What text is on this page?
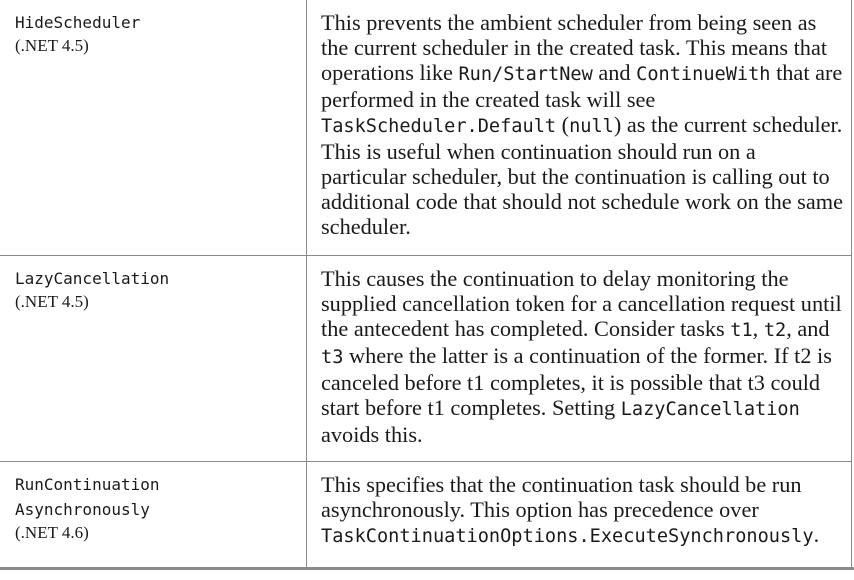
HideScheduler
(.NET 4.5)	This prevents the ambient scheduler from being seen as the current scheduler in the created task. This means that operations like Run/StartNew and ContinueWith that are performed in the created task will see TaskScheduler.Default (null) as the current scheduler. This is useful when continuation should run on a particular scheduler, but the continuation is calling out to additional code that should not schedule work on the same scheduler.

LazyCancellation
(.NET 4.5)	This causes the continuation to delay monitoring the supplied cancellation token for a cancellation request until the antecedent has completed. Consider tasks t1, t2, and t3 where the latter is a continuation of the former. If t2 is canceled before t1 completes, it is possible that t3 could start before t1 completes. Setting LazyCancellation avoids this.

RunContinuation
Asynchronously
(.NET 4.6)	This specifies that the continuation task should be run asynchronously. This option has precedence over TaskContinuationOptions.ExecuteSynchronously.
